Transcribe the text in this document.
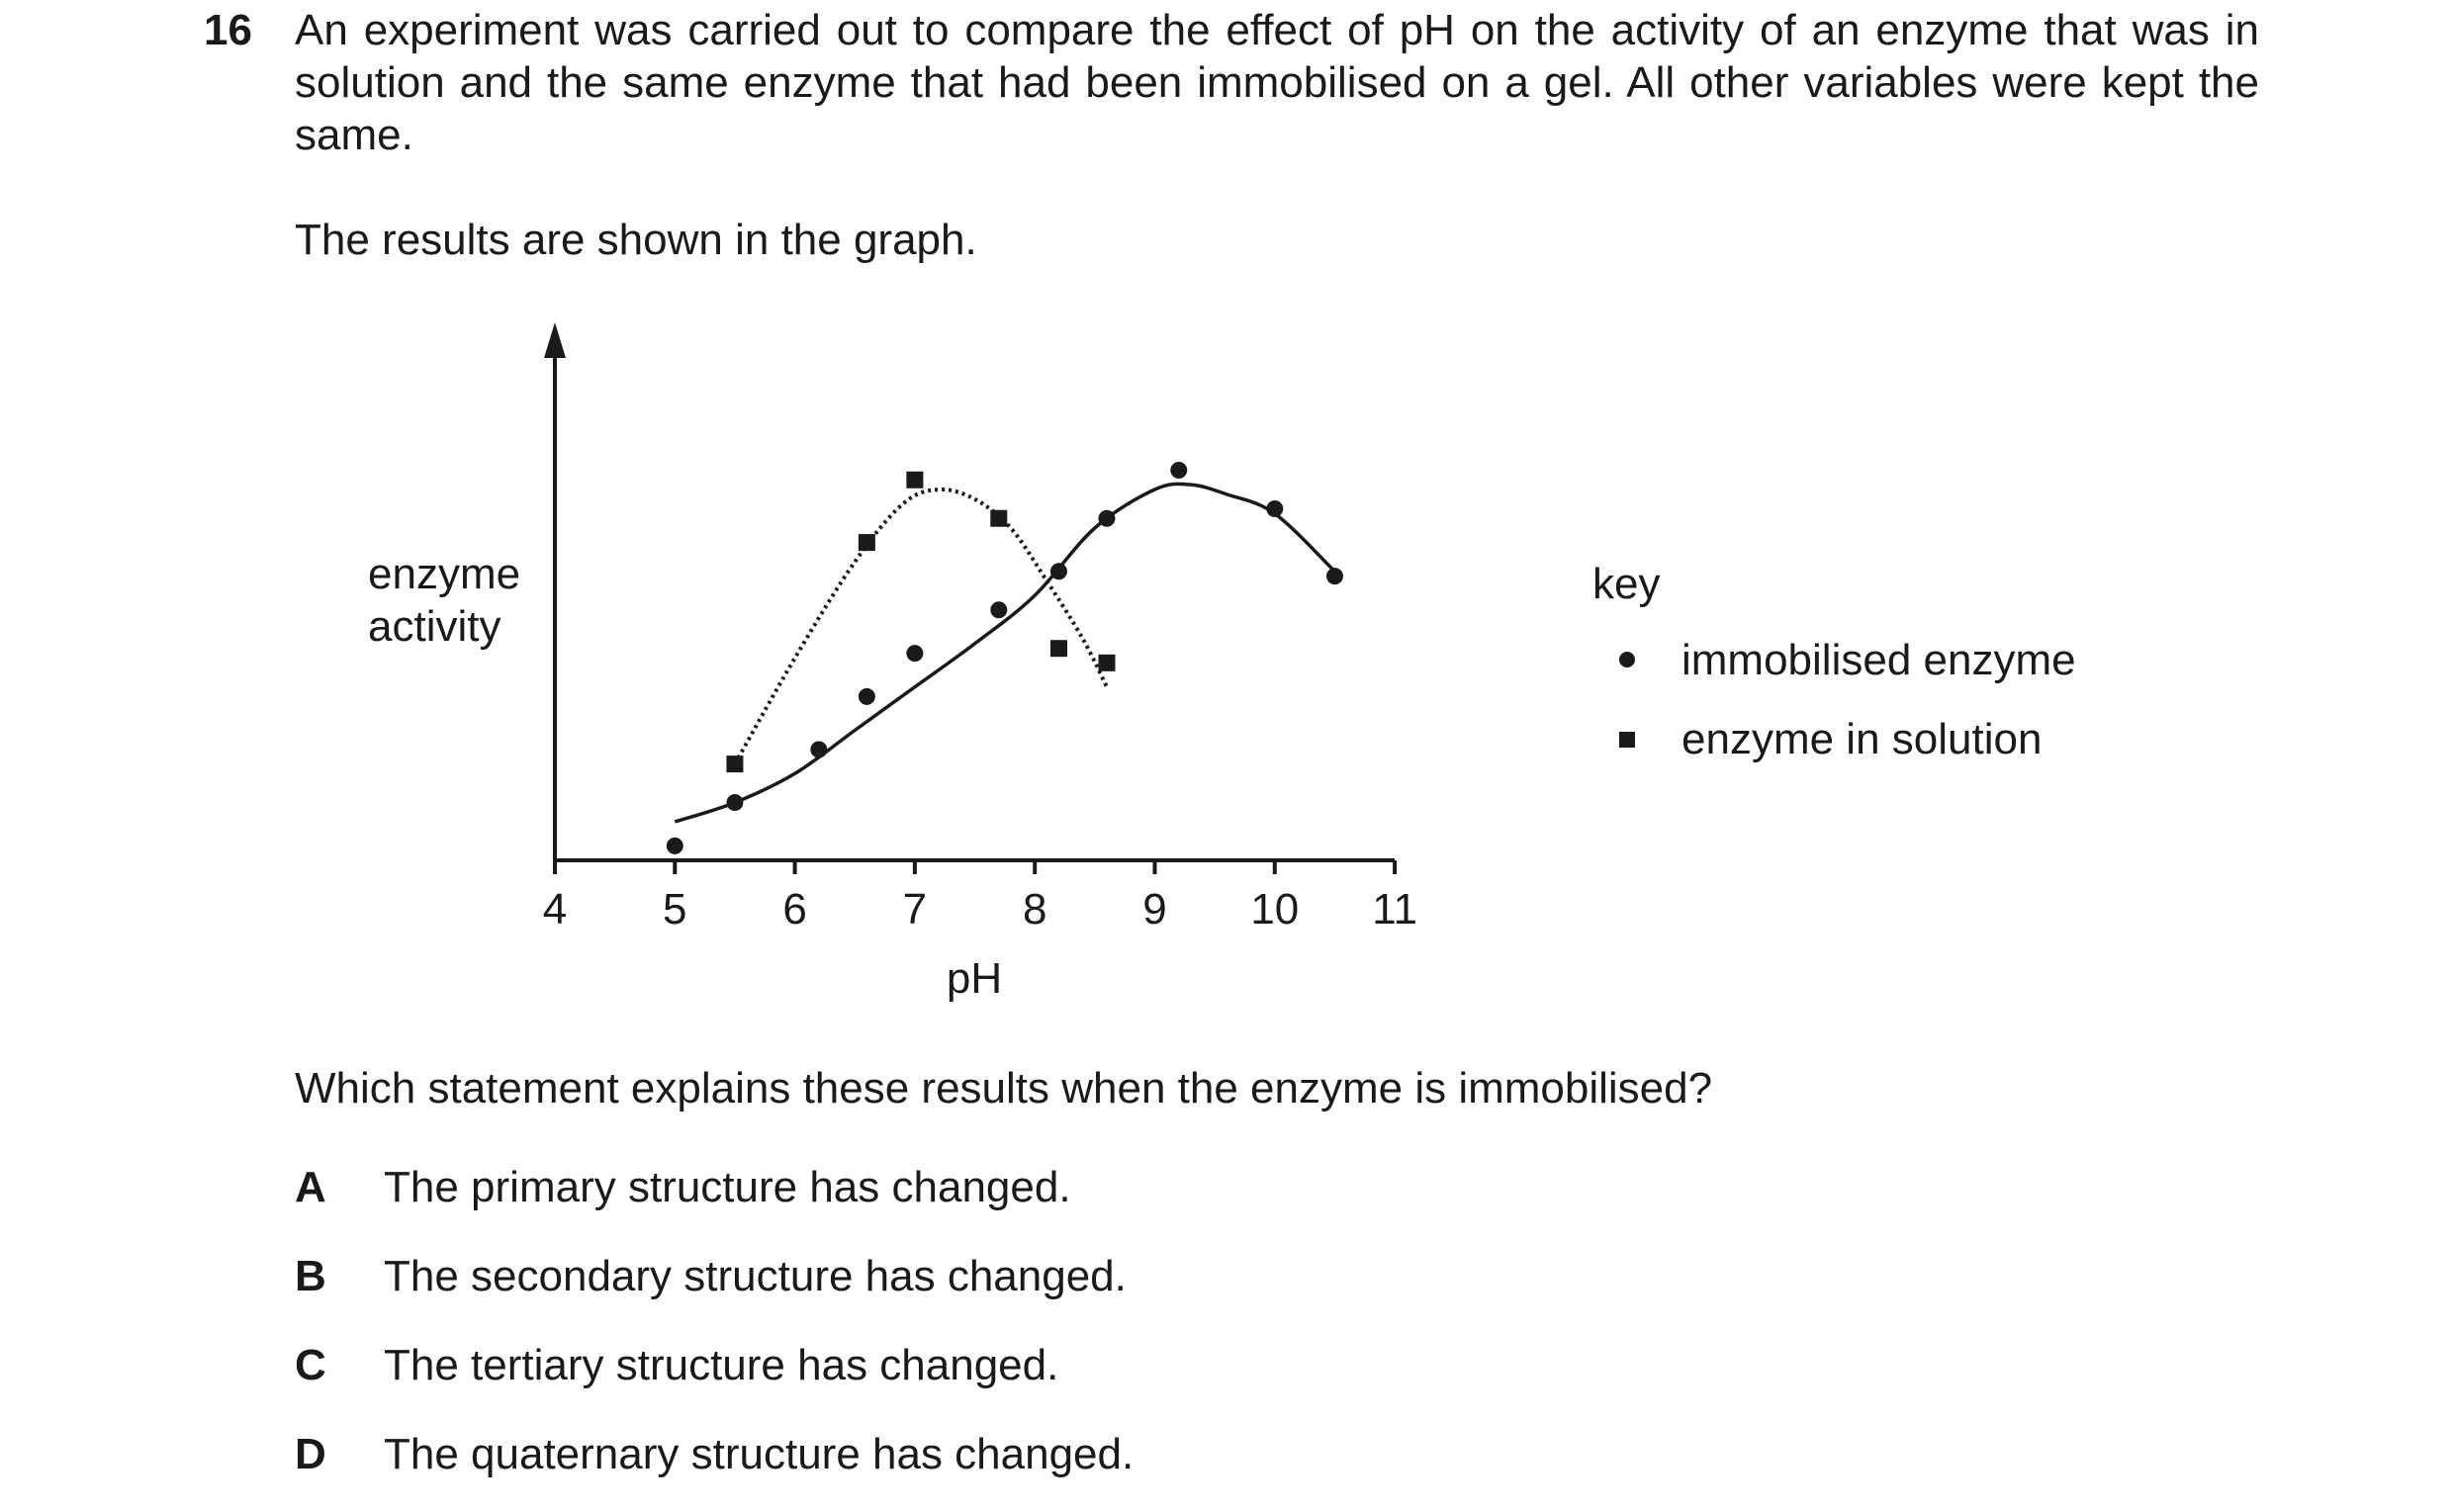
16 An experiment was carried out to compare the effect of pH on the activity of an enzyme that was in solution and the same enzyme that had been immobilised on a gel. All other variables were kept the same.
The results are shown in the graph.
4 5 6 7 8 9 10 11
enzyme
activity
pH
key
immobilised enzyme
enzyme in solution
Which statement explains these results when the enzyme is immobilised?
A The primary structure has changed.
B The secondary structure has changed.
C The tertiary structure has changed.
D The quaternary structure has changed.
